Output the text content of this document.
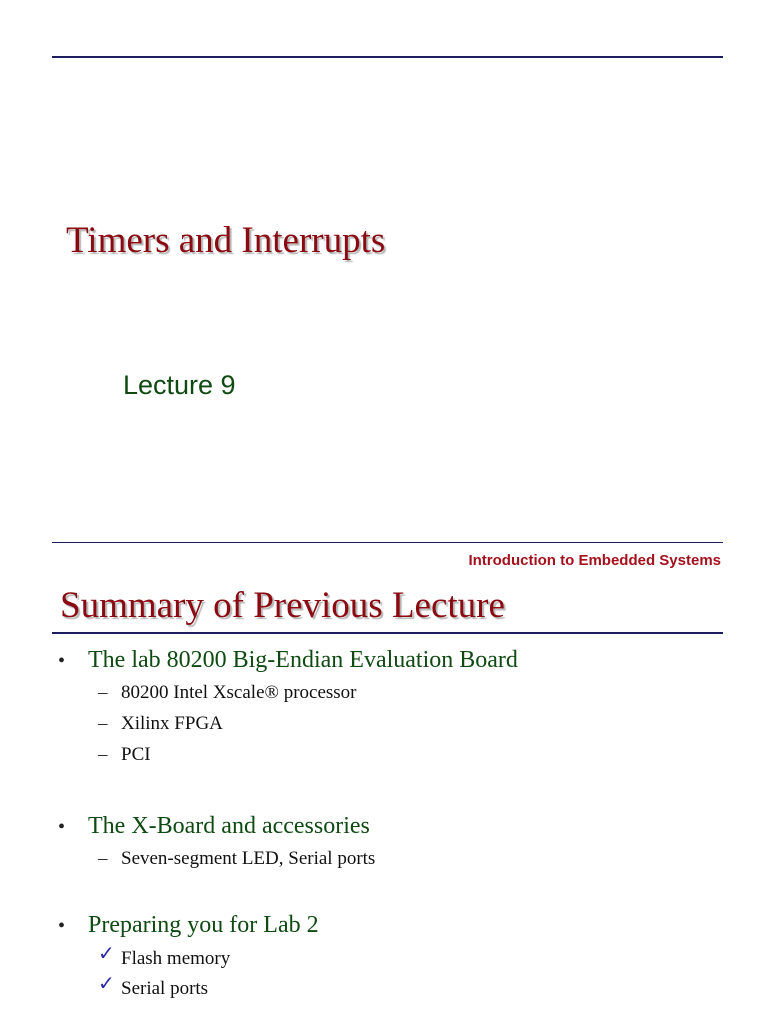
Timers and Interrupts
Lecture 9
Introduction to Embedded Systems
Summary of Previous Lecture
• The lab 80200 Big-Endian Evaluation Board
– 80200 Intel Xscale® processor
– Xilinx FPGA
– PCI
• The X-Board and accessories
– Seven-segment LED, Serial ports
• Preparing you for Lab 2
✓ Flash memory
✓ Serial ports
